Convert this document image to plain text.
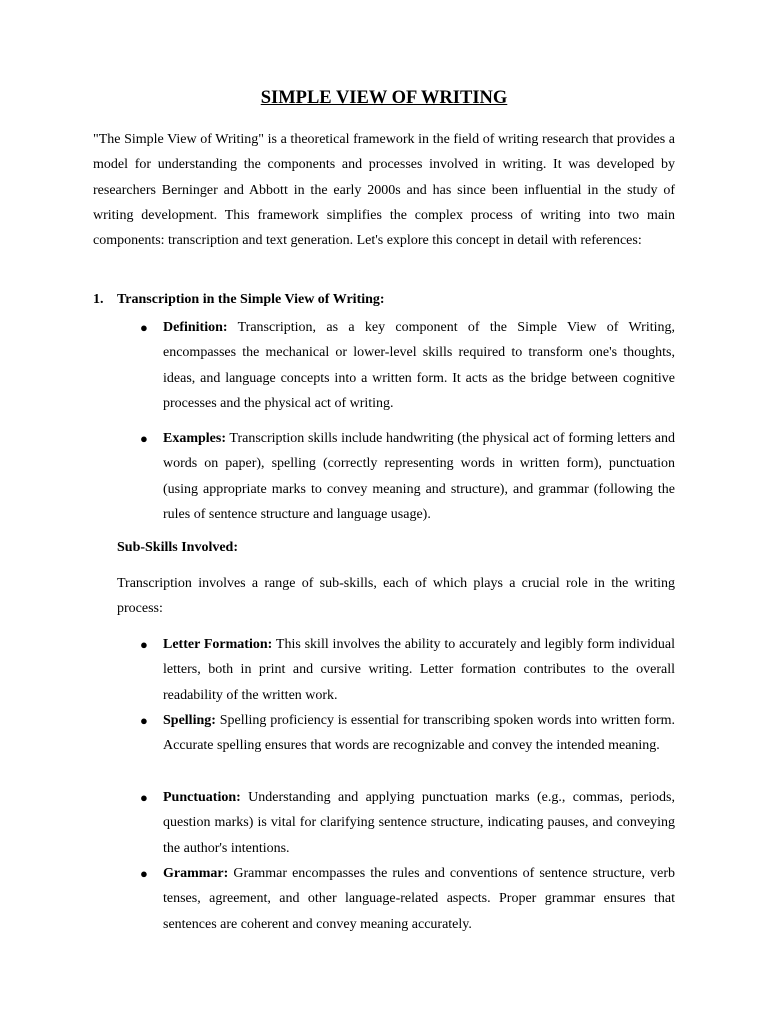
SIMPLE VIEW OF WRITING

"The Simple View of Writing" is a theoretical framework in the field of writing research that provides a model for understanding the components and processes involved in writing. It was developed by researchers Berninger and Abbott in the early 2000s and has since been influential in the study of writing development. This framework simplifies the complex process of writing into two main components: transcription and text generation. Let's explore this concept in detail with references:

1. Transcription in the Simple View of Writing:

● Definition: Transcription, as a key component of the Simple View of Writing, encompasses the mechanical or lower-level skills required to transform one's thoughts, ideas, and language concepts into a written form. It acts as the bridge between cognitive processes and the physical act of writing.

● Examples: Transcription skills include handwriting (the physical act of forming letters and words on paper), spelling (correctly representing words in written form), punctuation (using appropriate marks to convey meaning and structure), and grammar (following the rules of sentence structure and language usage).

Sub-Skills Involved:

Transcription involves a range of sub-skills, each of which plays a crucial role in the writing process:

● Letter Formation: This skill involves the ability to accurately and legibly form individual letters, both in print and cursive writing. Letter formation contributes to the overall readability of the written work.

● Spelling: Spelling proficiency is essential for transcribing spoken words into written form. Accurate spelling ensures that words are recognizable and convey the intended meaning.

● Punctuation: Understanding and applying punctuation marks (e.g., commas, periods, question marks) is vital for clarifying sentence structure, indicating pauses, and conveying the author's intentions.

● Grammar: Grammar encompasses the rules and conventions of sentence structure, verb tenses, agreement, and other language-related aspects. Proper grammar ensures that sentences are coherent and convey meaning accurately.
